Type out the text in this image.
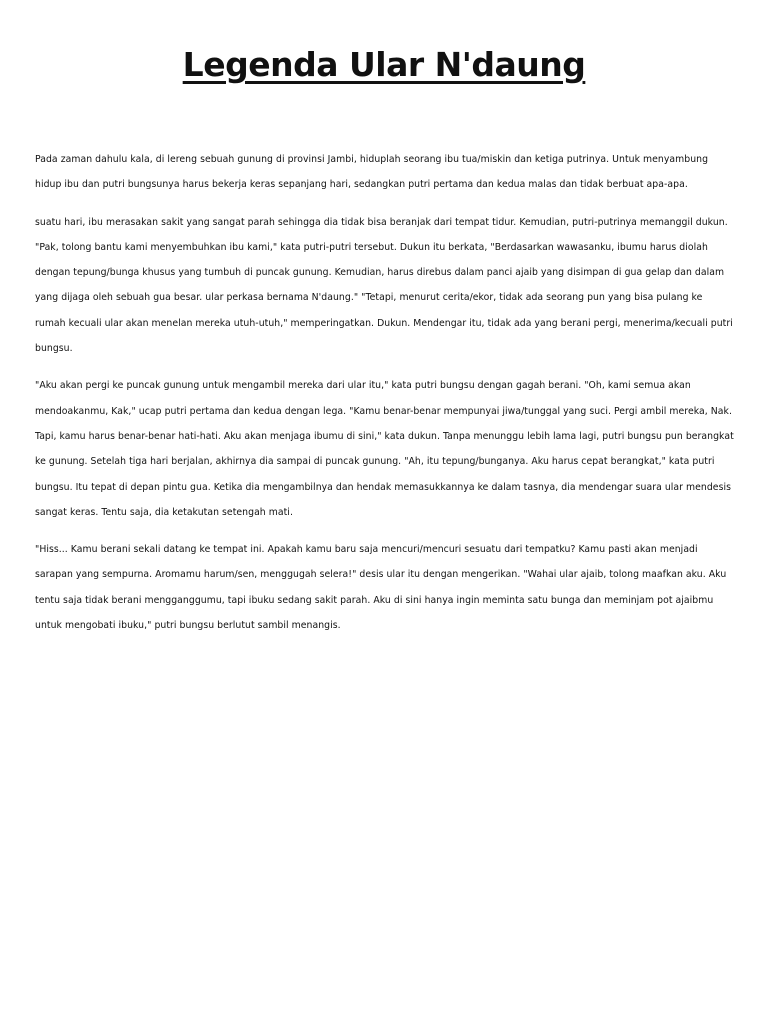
Legenda Ular N'daung

Pada zaman dahulu kala, di lereng sebuah gunung di provinsi Jambi, hiduplah seorang ibu tua/miskin dan ketiga putrinya. Untuk menyambung hidup ibu dan putri bungsunya harus bekerja keras sepanjang hari, sedangkan putri pertama dan kedua malas dan tidak berbuat apa-apa.

suatu hari, ibu merasakan sakit yang sangat parah sehingga dia tidak bisa beranjak dari tempat tidur. Kemudian, putri-putrinya memanggil dukun. "Pak, tolong bantu kami menyembuhkan ibu kami," kata putri-putri tersebut. Dukun itu berkata, "Berdasarkan wawasanku, ibumu harus diolah dengan tepung/bunga khusus yang tumbuh di puncak gunung. Kemudian, harus direbus dalam panci ajaib yang disimpan di gua gelap dan dalam yang dijaga oleh sebuah gua besar. ular perkasa bernama N'daung." "Tetapi, menurut cerita/ekor, tidak ada seorang pun yang bisa pulang ke rumah kecuali ular akan menelan mereka utuh-utuh," memperingatkan. Dukun. Mendengar itu, tidak ada yang berani pergi, menerima/kecuali putri bungsu.

"Aku akan pergi ke puncak gunung untuk mengambil mereka dari ular itu," kata putri bungsu dengan gagah berani. "Oh, kami semua akan mendoakanmu, Kak," ucap putri pertama dan kedua dengan lega. "Kamu benar-benar mempunyai jiwa/tunggal yang suci. Pergi ambil mereka, Nak. Tapi, kamu harus benar-benar hati-hati. Aku akan menjaga ibumu di sini," kata dukun. Tanpa menunggu lebih lama lagi, putri bungsu pun berangkat ke gunung. Setelah tiga hari berjalan, akhirnya dia sampai di puncak gunung. "Ah, itu tepung/bunganya. Aku harus cepat berangkat," kata putri bungsu. Itu tepat di depan pintu gua. Ketika dia mengambilnya dan hendak memasukkannya ke dalam tasnya, dia mendengar suara ular mendesis sangat keras. Tentu saja, dia ketakutan setengah mati.

"Hiss... Kamu berani sekali datang ke tempat ini. Apakah kamu baru saja mencuri/mencuri sesuatu dari tempatku? Kamu pasti akan menjadi sarapan yang sempurna. Aromamu harum/sen, menggugah selera!" desis ular itu dengan mengerikan. "Wahai ular ajaib, tolong maafkan aku. Aku tentu saja tidak berani mengganggumu, tapi ibuku sedang sakit parah. Aku di sini hanya ingin meminta satu bunga dan meminjam pot ajaibmu untuk mengobati ibuku," putri bungsu berlutut sambil menangis.
